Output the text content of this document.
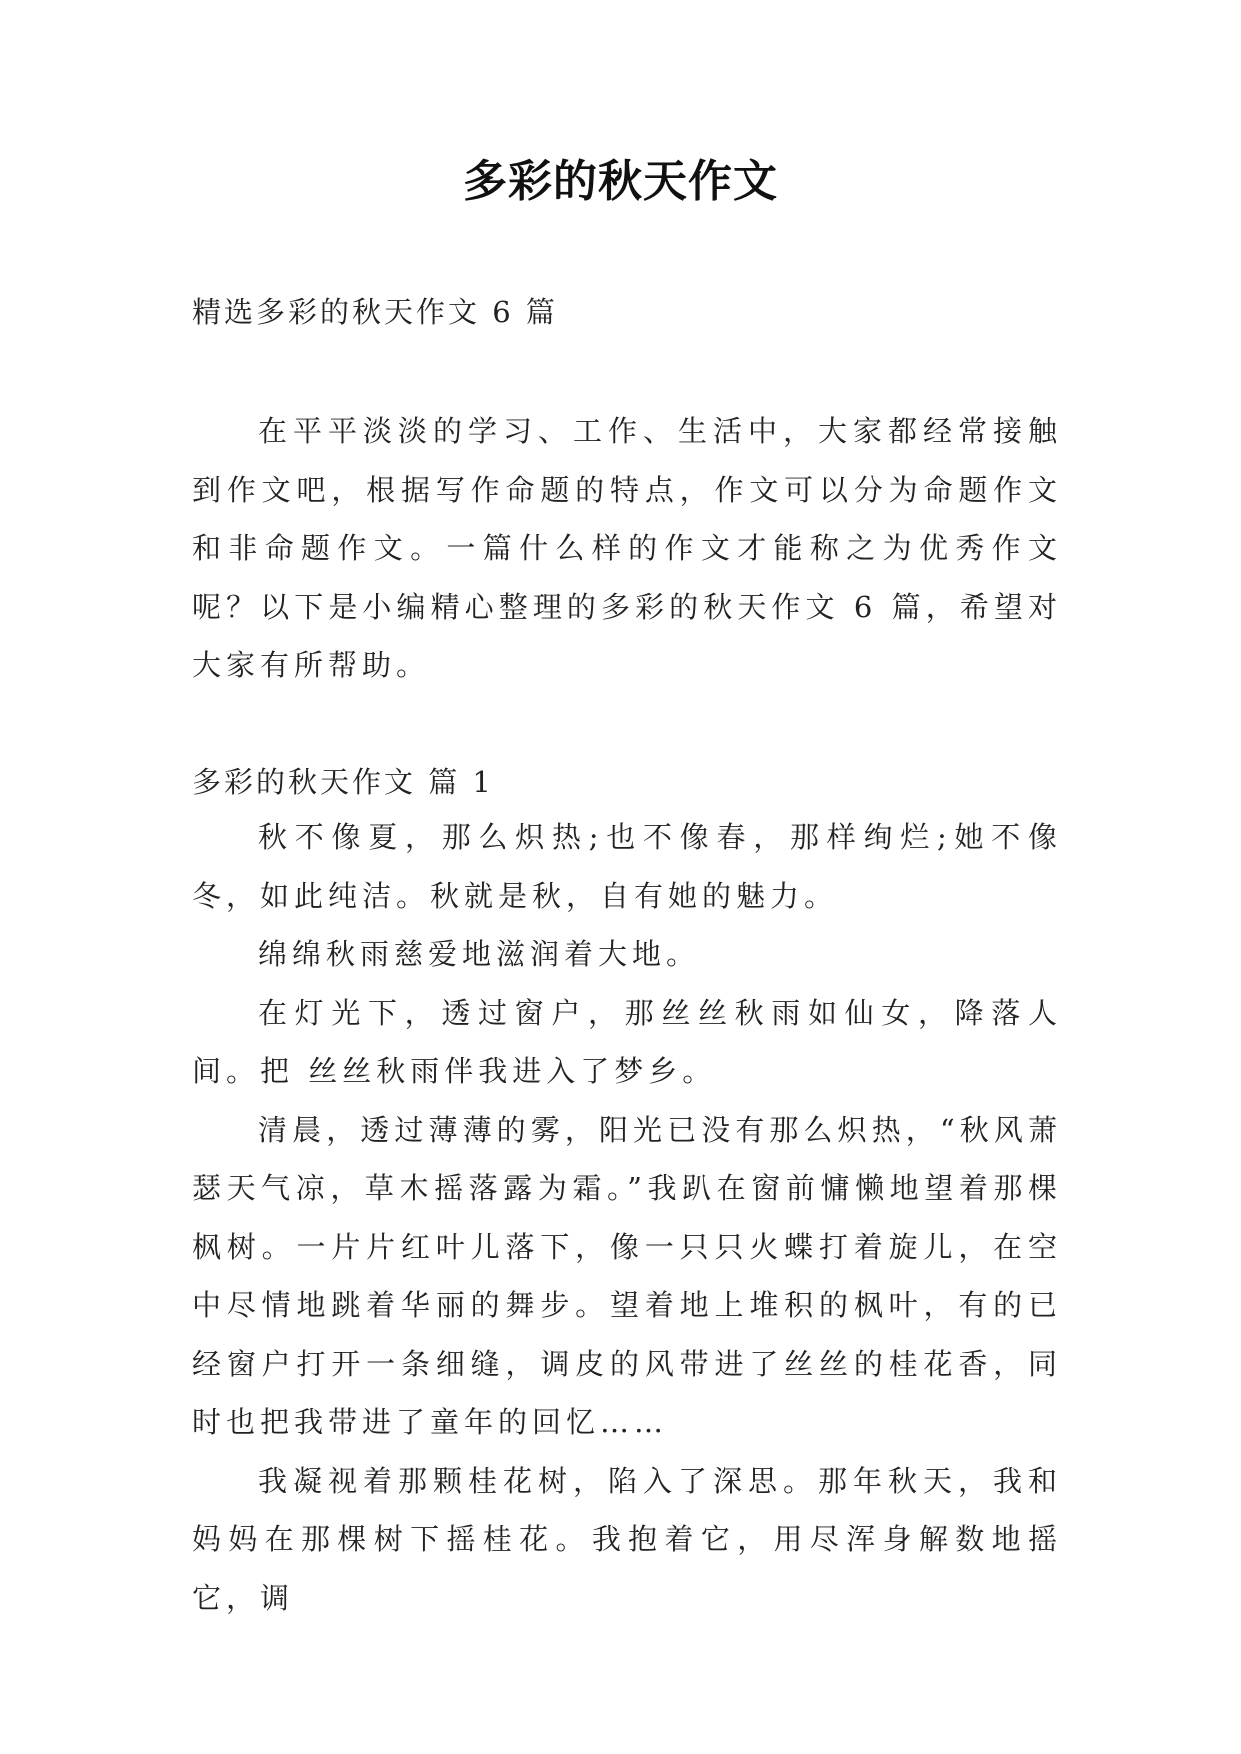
多彩的秋天作文
精选多彩的秋天作文 6 篇

在平平淡淡的学习、工作、生活中，大家都经常接触到作文吧，根据写作命题的特点，作文可以分为命题作文和非命题作文。一篇什么样的作文才能称之为优秀作文呢？以下是小编精心整理的多彩的秋天作文 6 篇，希望对大家有所帮助。

多彩的秋天作文 篇 1

秋不像夏，那么炽热;也不像春，那样绚烂;她不像冬，如此纯洁。秋就是秋，自有她的魅力。

绵绵秋雨慈爱地滋润着大地。

在灯光下，透过窗户，那丝丝秋雨如仙女，降落人间。把 丝丝秋雨伴我进入了梦乡。

清晨，透过薄薄的雾，阳光已没有那么炽热，“秋风萧瑟天气凉，草木摇落露为霜。”我趴在窗前慵懒地望着那棵枫树。一片片红叶儿落下，像一只只火蝶打着旋儿，在空中尽情地跳着华丽的舞步。望着地上堆积的枫叶，有的已经窗户打开一条细缝，调皮的风带进了丝丝的桂花香，同时也把我带进了童年的回忆……

我凝视着那颗桂花树，陷入了深思。那年秋天，我和妈妈在那棵树下摇桂花。我抱着它，用尽浑身解数地摇它，调
